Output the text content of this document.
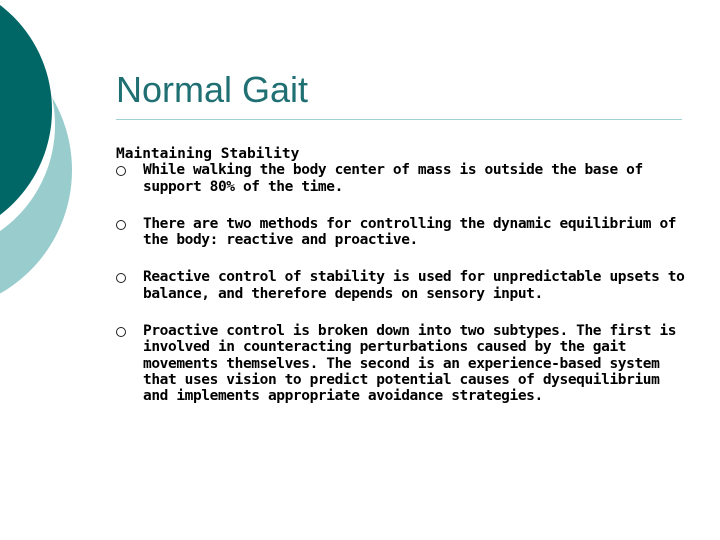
Normal Gait

Maintaining Stability

While walking the body center of mass is outside the base of support 80% of the time.
There are two methods for controlling the dynamic equilibrium of the body: reactive and proactive.
Reactive control of stability is used for unpredictable upsets to balance, and therefore depends on sensory input.
Proactive control is broken down into two subtypes. The first is involved in counteracting perturbations caused by the gait movements themselves. The second is an experience-based system that uses vision to predict potential causes of dysequilibrium and implements appropriate avoidance strategies.
